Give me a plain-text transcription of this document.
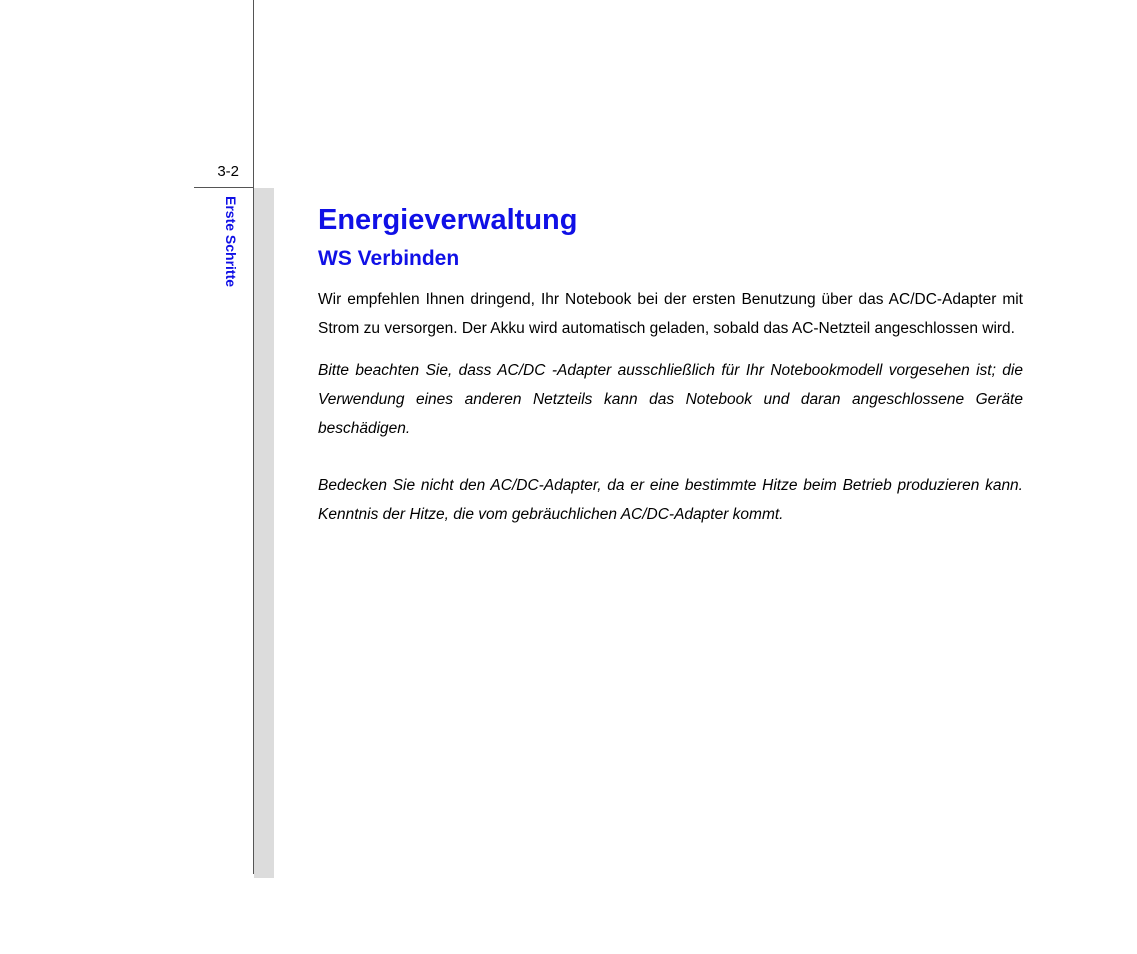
3-2
Erste Schritte	Energieverwaltung
WS Verbinden

Wir empfehlen Ihnen dringend, Ihr Notebook bei der ersten Benutzung über das AC/DC-Adapter mit Strom zu versorgen. Der Akku wird automatisch geladen, sobald das AC-Netzteil angeschlossen wird.

Bitte beachten Sie, dass AC/DC -Adapter ausschließlich für Ihr Notebookmodell vorgesehen ist; die Verwendung eines anderen Netzteils kann das Notebook und daran angeschlossene Geräte beschädigen.

Bedecken Sie nicht den AC/DC-Adapter, da er eine bestimmte Hitze beim Betrieb produzieren kann. Kenntnis der Hitze, die vom gebräuchlichen AC/DC-Adapter kommt.
